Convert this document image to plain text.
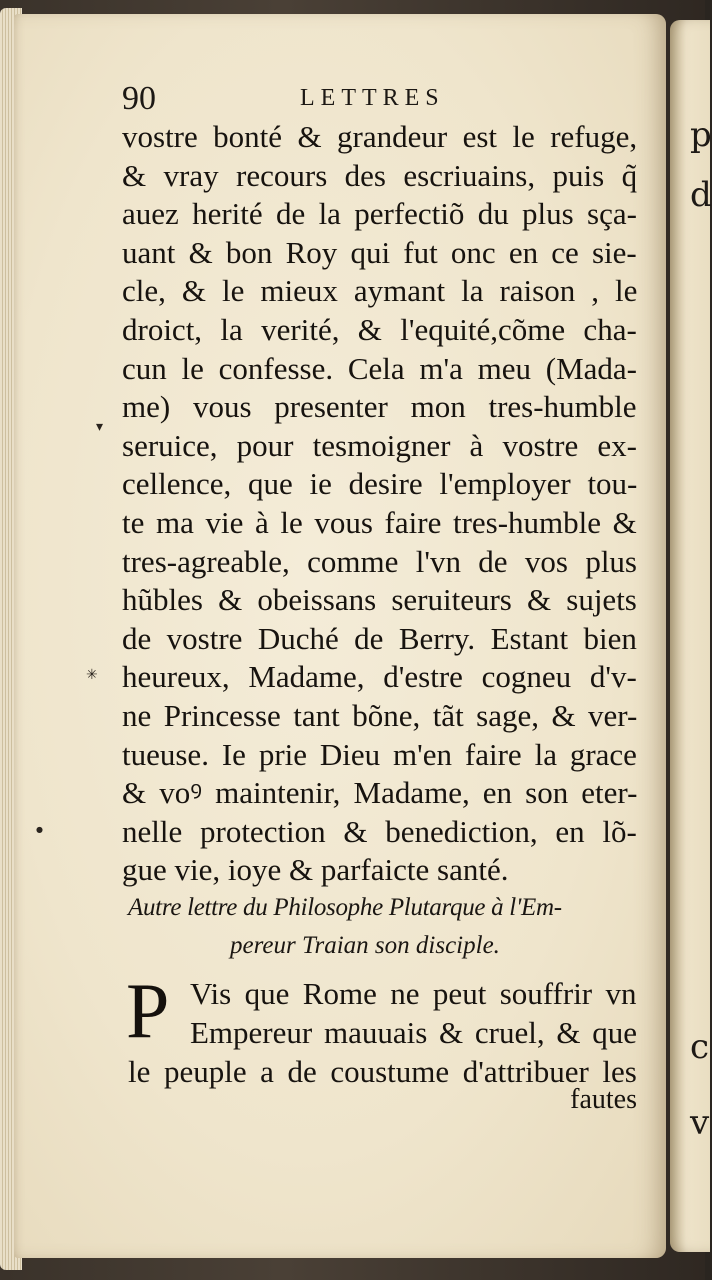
p
d
c
v
90	LETTRES
▾
✳
●
vostre bonté & grandeur est le refuge,
& vray recours des escriuains, puis q̃
auez herité de la perfectiõ du plus sça-
uant & bon Roy qui fut onc en ce sie-
cle, & le mieux aymant la raison , le
droict, la verité, & l'equité,cõme cha-
cun le confesse. Cela m'a meu (Mada-
me) vous presenter mon tres-humble
seruice, pour tesmoigner à vostre ex-
cellence, que ie desire l'employer tou-
te ma vie à le vous faire tres-humble &
tres-agreable, comme l'vn de vos plus
hũbles & obeissans seruiteurs & sujets
de vostre Duché de Berry. Estant bien
heureux, Madame, d'estre cogneu d'v-
ne Princesse tant bõne, tãt sage, & ver-
tueuse. Ie prie Dieu m'en faire la grace
& voꝰ maintenir, Madame, en son eter-
nelle protection & benediction, en lõ-
gue vie, ioye & parfaicte santé.
Autre lettre du Philosophe Plutarque à l'Em-
pereur Traian son disciple.
P Vis que Rome ne peut souffrir vn
Empereur mauuais & cruel, & que
le peuple a de coustume d'attribuer les
fautes
